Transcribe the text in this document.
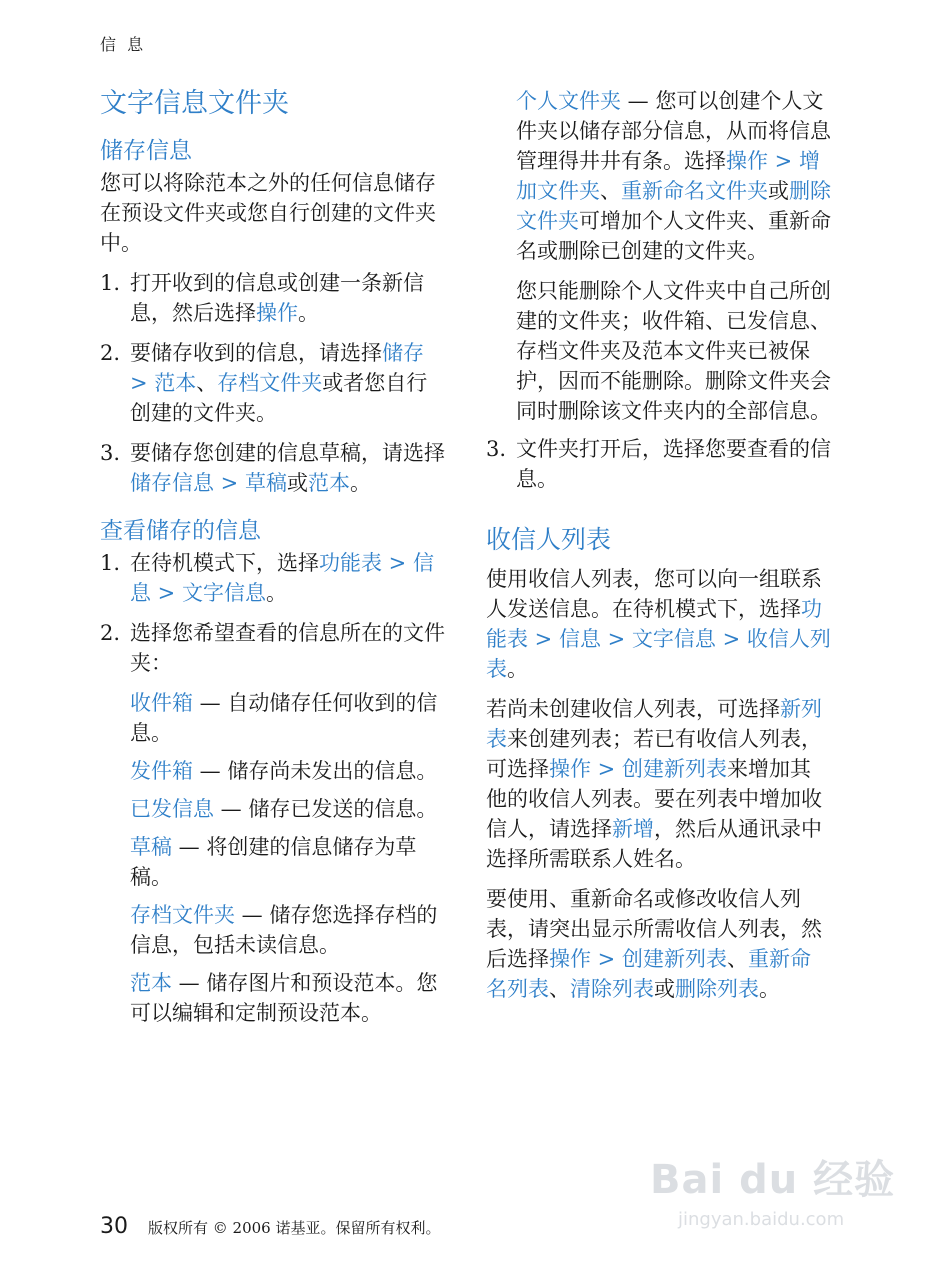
信 息
文字信息文件夹
储存信息

您可以将除范本之外的任何信息储存在预设文件夹或您自行创建的文件夹中。

1. 打开收到的信息或创建一条新信息，然后选择操作。
2. 要储存收到的信息，请选择储存 > 范本、存档文件夹或者您自行创建的文件夹。
3. 要储存您创建的信息草稿，请选择储存信息 > 草稿或范本。
查看储存的信息
1. 在待机模式下，选择功能表 > 信息 > 文字信息。
2. 选择您希望查看的信息所在的文件夹：

收件箱 — 自动储存任何收到的信息。

发件箱 — 储存尚未发出的信息。

已发信息 — 储存已发送的信息。

草稿 — 将创建的信息储存为草稿。

存档文件夹 — 储存您选择存档的信息，包括未读信息。

范本 — 储存图片和预设范本。您可以编辑和定制预设范本。

个人文件夹 — 您可以创建个人文件夹以储存部分信息，从而将信息管理得井井有条。选择操作 > 增加文件夹、重新命名文件夹或删除文件夹可增加个人文件夹、重新命名或删除已创建的文件夹。

您只能删除个人文件夹中自己所创建的文件夹；收件箱、已发信息、存档文件夹及范本文件夹已被保护，因而不能删除。删除文件夹会同时删除该文件夹内的全部信息。

3. 文件夹打开后，选择您要查看的信息。
收信人列表

使用收信人列表，您可以向一组联系人发送信息。在待机模式下，选择功能表 > 信息 > 文字信息 > 收信人列表。

若尚未创建收信人列表，可选择新列表来创建列表；若已有收信人列表，可选择操作 > 创建新列表来增加其他的收信人列表。要在列表中增加收信人，请选择新增，然后从通讯录中选择所需联系人姓名。

要使用、重新命名或修改收信人列表，请突出显示所需收信人列表，然后选择操作 > 创建新列表、重新命名列表、清除列表或删除列表。

Bai du 经验
jingyan.baidu.com
30 版权所有 © 2006 诺基亚。保留所有权利。
